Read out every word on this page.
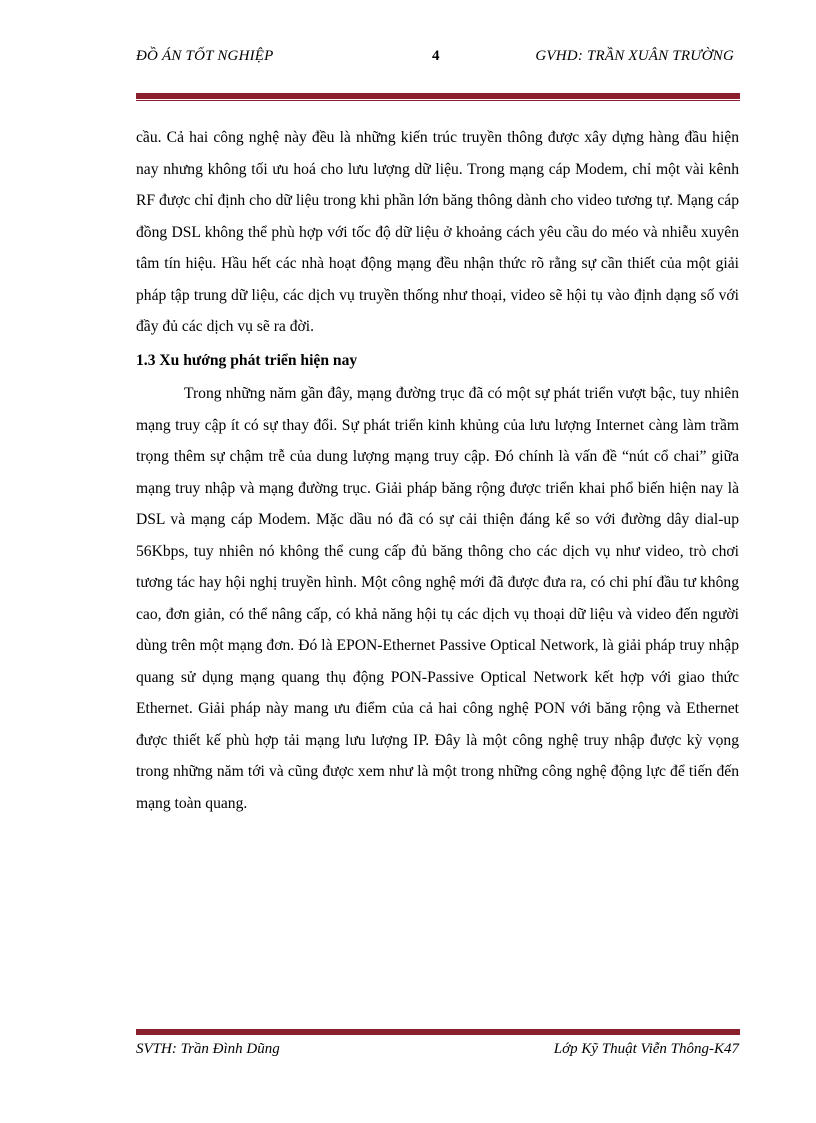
ĐỒ ÁN TỐT NGHIỆP	4	GVHD: TRẦN XUÂN TRƯỜNG

cầu. Cả hai công nghệ này đều là những kiến trúc truyền thông được xây dựng hàng đầu hiện nay nhưng không tối ưu hoá cho lưu lượng dữ liệu. Trong mạng cáp Modem, chỉ một vài kênh RF được chỉ định cho dữ liệu trong khi phần lớn băng thông dành cho video tương tự. Mạng cáp đồng DSL không thể phù hợp với tốc độ dữ liệu ở khoảng cách yêu cầu do méo và nhiễu xuyên tâm tín hiệu. Hầu hết các nhà hoạt động mạng đều nhận thức rõ rằng sự cần thiết của một giải pháp tập trung dữ liệu, các dịch vụ truyền thống như thoại, video sẽ hội tụ vào định dạng số với đầy đủ các dịch vụ sẽ ra đời.

1.3 Xu hướng phát triển hiện nay

Trong những năm gần đây, mạng đường trục đã có một sự phát triển vượt bậc, tuy nhiên mạng truy cập ít có sự thay đổi. Sự phát triển kinh khủng của lưu lượng Internet càng làm trầm trọng thêm sự chậm trễ của dung lượng mạng truy cập. Đó chính là vấn đề “nút cổ chai” giữa mạng truy nhập và mạng đường trục. Giải pháp băng rộng được triển khai phổ biến hiện nay là DSL và mạng cáp Modem. Mặc dầu nó đã có sự cải thiện đáng kể so với đường dây dial-up 56Kbps, tuy nhiên nó không thể cung cấp đủ băng thông cho các dịch vụ như video, trò chơi tương tác hay hội nghị truyền hình. Một công nghệ mới đã được đưa ra, có chi phí đầu tư không cao, đơn giản, có thể nâng cấp, có khả năng hội tụ các dịch vụ thoại dữ liệu và video đến người dùng trên một mạng đơn. Đó là EPON-Ethernet Passive Optical Network, là giải pháp truy nhập quang sử dụng mạng quang thụ động PON-Passive Optical Network kết hợp với giao thức Ethernet. Giải pháp này mang ưu điểm của cả hai công nghệ PON với băng rộng và Ethernet được thiết kế phù hợp tải mạng lưu lượng IP. Đây là một công nghệ truy nhập được kỳ vọng trong những năm tới và cũng được xem như là một trong những công nghệ động lực để tiến đến mạng toàn quang.

SVTH: Trần Đình Dũng	Lớp Kỹ Thuật Viễn Thông-K47
